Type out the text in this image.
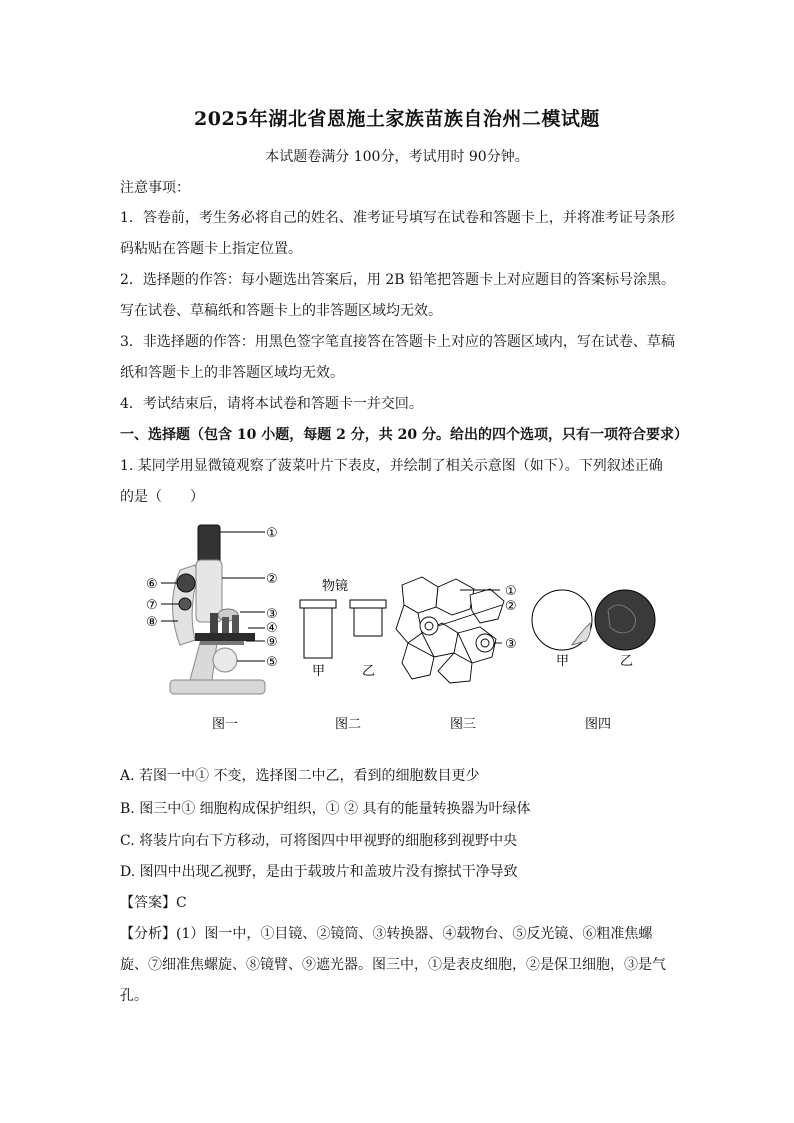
2025年湖北省恩施土家族苗族自治州二模试题
本试题卷满分 100分，考试用时 90分钟。
注意事项：
1．答卷前，考生务必将自己的姓名、准考证号填写在试卷和答题卡上，并将准考证号条形
码粘贴在答题卡上指定位置。
2．选择题的作答：每小题选出答案后，用 2B 铅笔把答题卡上对应题目的答案标号涂黑。
写在试卷、草稿纸和答题卡上的非答题区域均无效。
3．非选择题的作答：用黑色签字笔直接答在答题卡上对应的答题区域内，写在试卷、草稿
纸和答题卡上的非答题区域均无效。
4．考试结束后，请将本试卷和答题卡一并交回。
一、选择题（包含 10 小题，每题 2 分，共 20 分。给出的四个选项，只有一项符合要求）
1. 某同学用显微镜观察了菠菜叶片下表皮，并绘制了相关示意图（如下）。下列叙述正确
的是（　　）
①
②
③
④
⑨
⑤
⑥
⑦
⑧
图一
物镜
甲	乙
图二
①
②
③
图三
甲	乙
图四
A. 若图一中① 不变，选择图二中乙，看到的细胞数目更少
B. 图三中① 细胞构成保护组织，① ② 具有的能量转换器为叶绿体
C. 将装片向右下方移动，可将图四中甲视野的细胞移到视野中央
D. 图四中出现乙视野，是由于载玻片和盖玻片没有擦拭干净导致
【答案】C
【分析】(1）图一中，①目镜、②镜筒、③转换器、④载物台、⑤反光镜、⑥粗准焦螺
旋、⑦细准焦螺旋、⑧镜臂、⑨遮光器。图三中，①是表皮细胞，②是保卫细胞，③是气
孔。
